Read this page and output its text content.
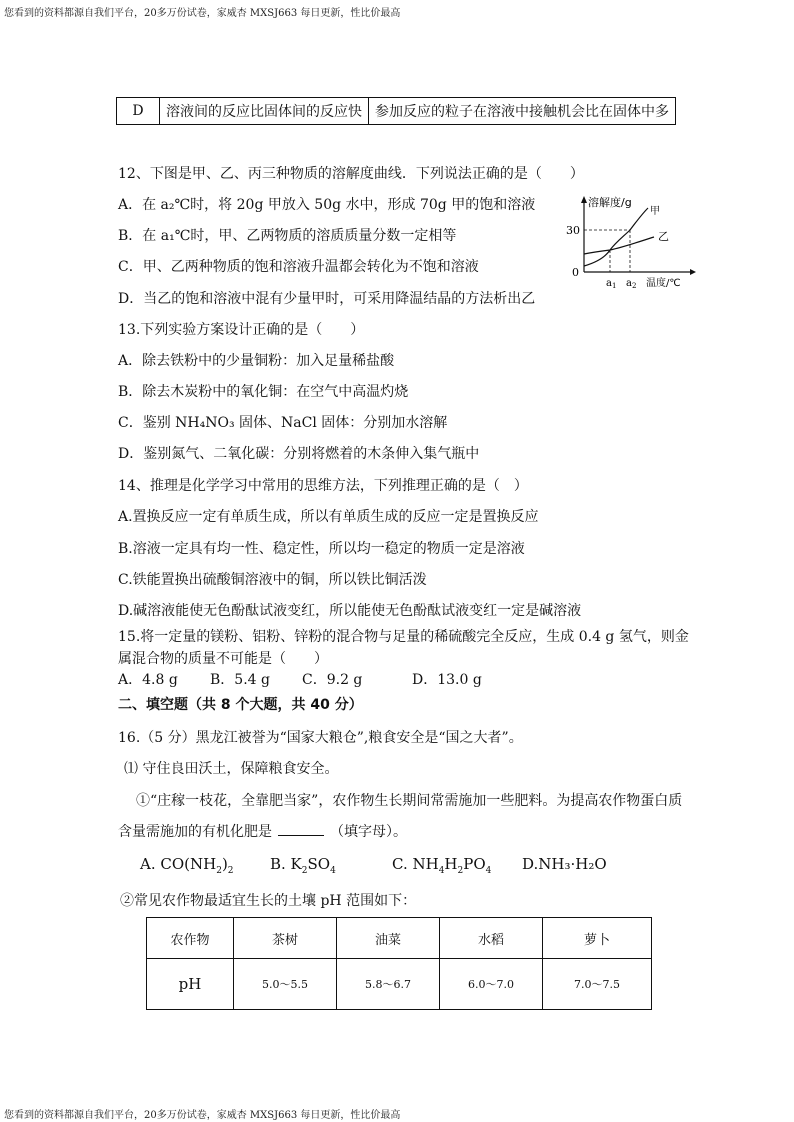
您看到的资料都源自我们平台，20多万份试卷，家威杏 MXSJ663 每日更新，性比价最高
D	溶液间的反应比固体间的反应快	参加反应的粒子在溶液中接触机会比在固体中多
12、下图是甲、乙、丙三种物质的溶解度曲线．下列说法正确的是（　　）
A．在 a₂℃时，将 20g 甲放入 50g 水中，形成 70g 甲的饱和溶液
B．在 a₁℃时，甲、乙两物质的溶质质量分数一定相等
C．甲、乙两种物质的饱和溶液升温都会转化为不饱和溶液
D．当乙的饱和溶液中混有少量甲时，可采用降温结晶的方法析出乙
溶解度/g
甲
乙
30
0
$a_1$ $a_2$ 温度/℃
13.下列实验方案设计正确的是（　　）
A．除去铁粉中的少量铜粉：加入足量稀盐酸
B．除去木炭粉中的氧化铜：在空气中高温灼烧
C．鉴别 NH₄NO₃ 固体、NaCl 固体：分别加水溶解
D．鉴别氮气、二氧化碳：分别将燃着的木条伸入集气瓶中
14、推理是化学学习中常用的思维方法，下列推理正确的是（　）
A.置换反应一定有单质生成，所以有单质生成的反应一定是置换反应
B.溶液一定具有均一性、稳定性，所以均一稳定的物质一定是溶液
C.铁能置换出硫酸铜溶液中的铜，所以铁比铜活泼
D.碱溶液能使无色酚酞试液变红，所以能使无色酚酞试液变红一定是碱溶液
15.将一定量的镁粉、铝粉、锌粉的混合物与足量的稀硫酸完全反应，生成 0.4 g 氢气，则金
属混合物的质量不可能是（　　）
A．4.8 g B．5.4 g C．9.2 g	D．13.0 g
二、填空题（共 8 个大题，共 40 分）
16.（5 分）黑龙江被誉为“国家大粮仓”,粮食安全是“国之大者”。
⑴ 守住良田沃土，保障粮食安全。
①“庄稼一枝花，全靠肥当家”，农作物生长期间常需施加一些肥料。为提高农作物蛋白质
含量需施加的有机化肥是	（填字母）。
A. $CO(NH_2)_2$ B. $K_2SO_4$	C. $NH_4H_2PO_4$ D.NH₃·H₂O
②常见农作物最适宜生长的土壤 pH 范围如下：
农作物	茶树	油菜	水稻	萝卜
pH	5.0～5.5	5.8～6.7	6.0～7.0	7.0～7.5
您看到的资料都源自我们平台，20多万份试卷，家威杏 MXSJ663 每日更新，性比价最高
